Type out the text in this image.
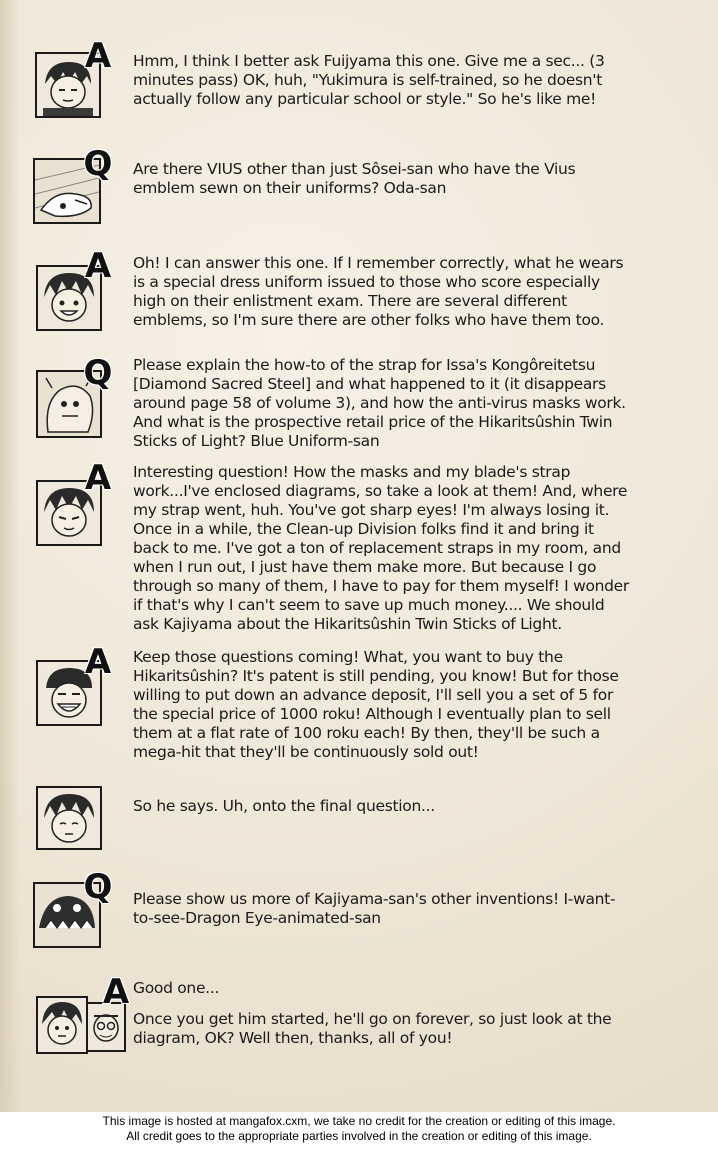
A	Hmm, I think I better ask Fuijyama this one. Give me a sec... (3 minutes pass) OK, huh, "Yukimura is self-trained, so he doesn't actually follow any particular school or style." So he's like me!

Q Are there VIUS other than just Sôsei-san who have the Vius emblem sewn on their uniforms? Oda-san

A	Oh! I can answer this one. If I remember correctly, what he wears is a special dress uniform issued to those who score especially high on their enlistment exam. There are several different emblems, so I'm sure there are other folks who have them too.

Q Please explain the how-to of the strap for Issa's Kongôreitetsu [Diamond Sacred Steel] and what happened to it (it disappears around page 58 of volume 3), and how the anti-virus masks work. And what is the prospective retail price of the Hikaritsûshin Twin Sticks of Light? Blue Uniform-san

A	Interesting question! How the masks and my blade's strap work...I've enclosed diagrams, so take a look at them! And, where my strap went, huh. You've got sharp eyes! I'm always losing it. Once in a while, the Clean-up Division folks find it and bring it back to me. I've got a ton of replacement straps in my room, and when I run out, I just have them make more. But because I go through so many of them, I have to pay for them myself! I wonder if that's why I can't seem to save up much money.... We should ask Kajiyama about the Hikaritsûshin Twin Sticks of Light.

A	Keep those questions coming! What, you want to buy the Hikaritsûshin? It's patent is still pending, you know! But for those willing to put down an advance deposit, I'll sell you a set of 5 for the special price of 1000 roku! Although I eventually plan to sell them at a flat rate of 100 roku each! By then, they'll be such a mega-hit that they'll be continuously sold out!

So he says. Uh, onto the final question...

Q Please show us more of Kajiyama-san's other inventions! I-want-to-see-Dragon Eye-animated-san

A Good one...

Once you get him started, he'll go on forever, so just look at the diagram, OK? Well then, thanks, all of you!

This image is hosted at mangafox.cxm, we take no credit for the creation or editing of this image.
All credit goes to the appropriate parties involved in the creation or editing of this image.
